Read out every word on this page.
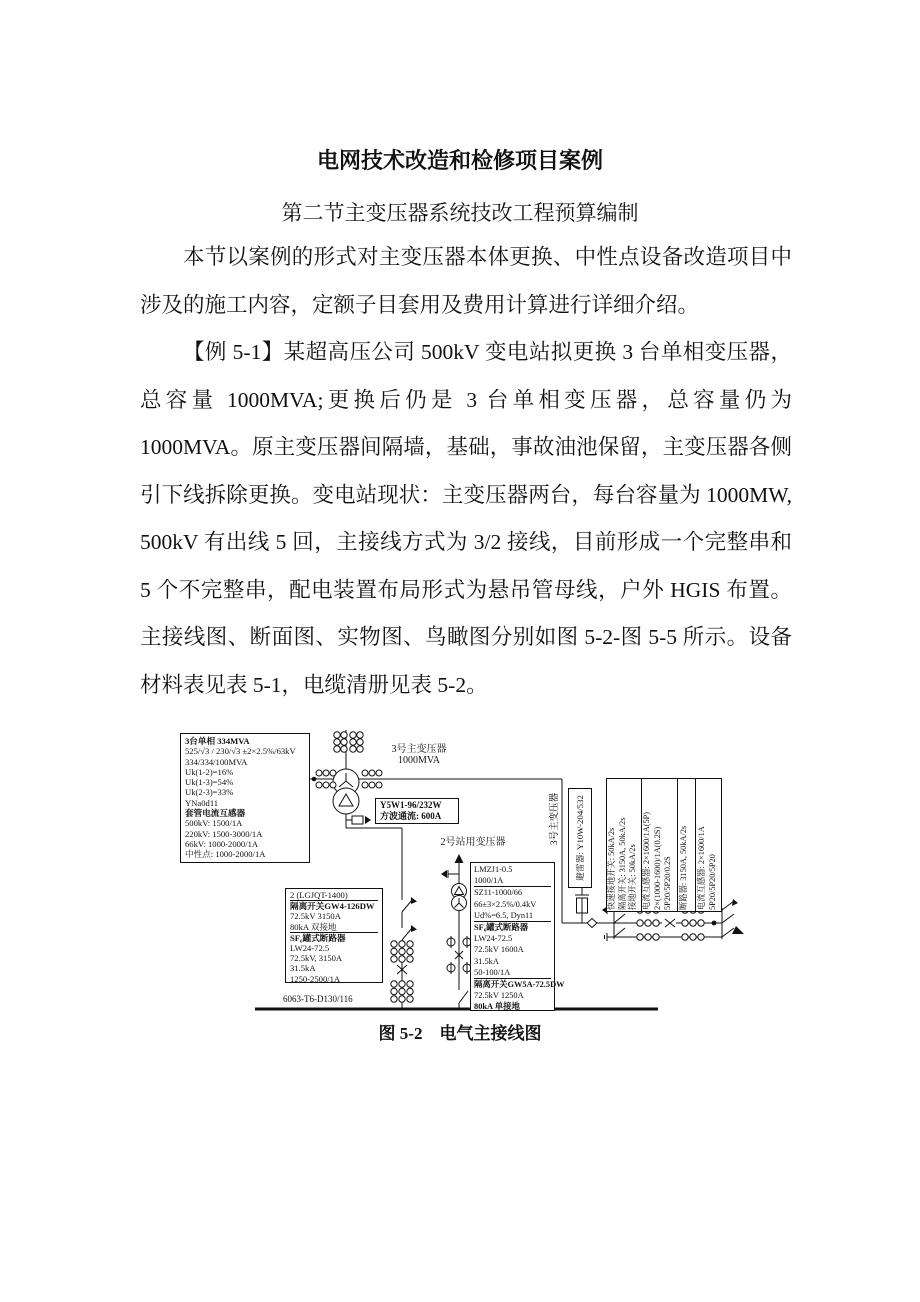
电网技术改造和检修项目案例
第二节主变压器系统技改工程预算编制

本节以案例的形式对主变压器本体更换、中性点设备改造项目中涉及的施工内容，定额子目套用及费用计算进行详细介绍。

【例 5-1】某超高压公司 500kV 变电站拟更换 3 台单相变压器，总容量 1000MVA;更换后仍是 3 台单相变压器，总容量仍为 1000MVA。原主变压器间隔墙，基础，事故油池保留，主变压器各侧引下线拆除更换。变电站现状：主变压器两台，每台容量为 1000MW, 500kV 有出线 5 回，主接线方式为 3/2 接线，目前形成一个完整串和 5 个不完整串，配电装置布局形式为悬吊管母线，户外 HGIS 布置。主接线图、断面图、实物图、鸟瞰图分别如图 5-2-图 5-5 所示。设备材料表见表 5-1，电缆清册见表 5-2。

3台单相 334MVA
525/√3 / 230/√3 ±2×2.5%/63kV
334/334/100MVA
Uk(1-2)=16%
Uk(1-3)=54%
Uk(2-3)=33%
YNa0d11
套管电流互感器
500kV: 1500/1A
220kV: 1500-3000/1A
66kV: 1000-2000/1A
中性点: 1000-2000/1A
3号主变压器
1000MVA
Y5W1-96/232W
方波通流: 600A
2号站用变压器
2 (LGJQT-1400)
隔离开关GW4-126DW
72.5kV 3150A
80kA 双接地
SF₆罐式断路器
LW24-72.5
72.5kV, 3150A
31.5kA
1250-2500/1A
6063-T6-D130/116
LMZJ1-0.5
1000/1A
SZ11-1000/66
66±3×2.5%/0.4kV
Ud%=6.5, Dyn11
SF₆罐式断路器
LW24-72.5
72.5kV 1600A
31.5kA
50-100/1A
隔离开关GW5A-72.5DW
72.5kV 1250A
80kA 单接地
3号主变压器	避雷器: Y10W-204/532	快速接地开关: 50kA/2s 隔离开关: 3150A, 50kA/2s 接地开关: 50kA/2s 电流互感器: 2×1600/1A(5P) 2×(1000-1600)/1A(0.2S) 5P20/5P20/0.2S 断路器: 3150A, 50kA/2s 电流互感器: 2×1600/1A 5P20/5P20/5P20
图 5-2　电气主接线图
